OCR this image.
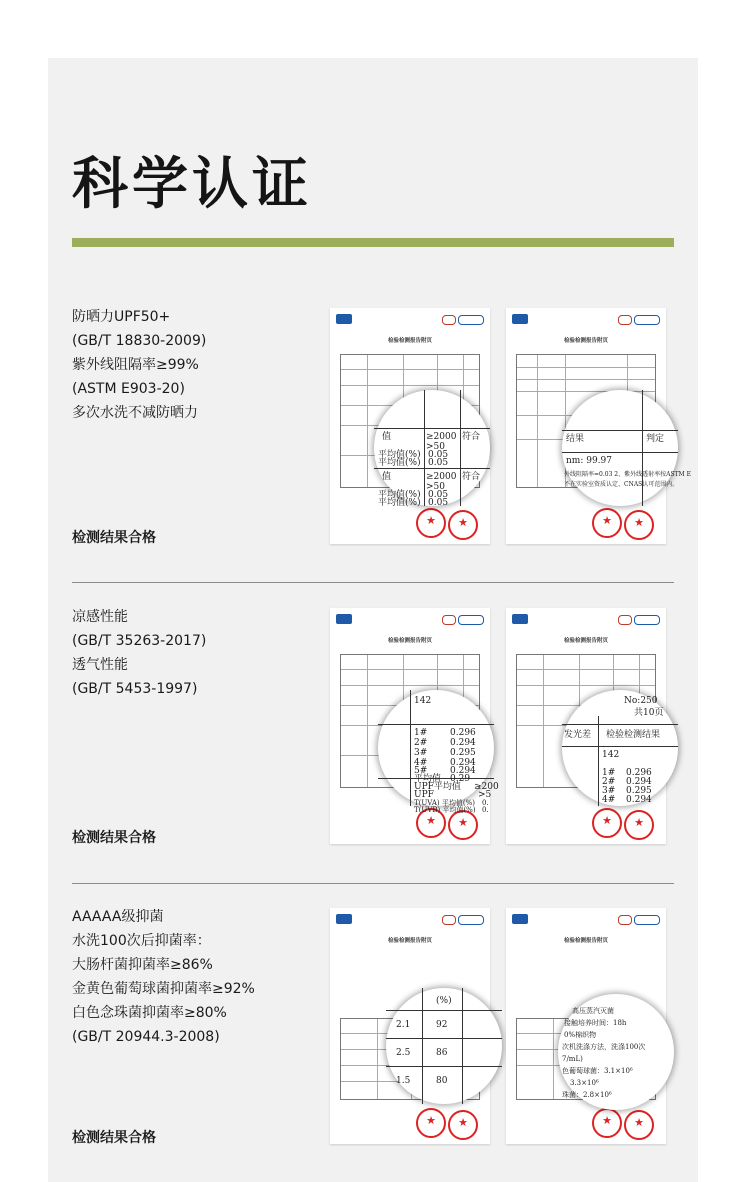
科学认证
防晒力UPF50+
(GB/T 18830-2009)
紫外线阻隔率≥99%
(ASTM E903-20)
多次水洗不减防晒力
检测结果合格
检验检测报告附页
★
★
值	≥2000 符合
>50
平均值(%) 0.05
平均值(%) 0.05
值	≥2000 符合
>50
平均值(%) 0.05
平均值(%) 0.05
检验检测报告附页
★
★
结果	判定
nm: 99.97
外线阻隔率=0.03 2、紫外线透射率按ASTM E
不在实验室资质认定、CNAS认可范围内。
凉感性能
(GB/T 35263-2017)
透气性能
(GB/T 5453-1997)
检测结果合格
检验检测报告附页
★
★
142
1#	0.296
2#	0.294
3#	0.295
4#	0.294
5#	0.294
平均值 0.29
UPF平均值 ≥200
UPF	>5
T(UVA) 平均值(%) 0.
T(UVB) 平均值(%) 0.
检验检测报告附页
★
★
No:250
共10页
发光差 检验检测结果
142
1# 0.296
2# 0.294
3# 0.295
4# 0.294
AAAAA级抑菌
水洗100次后抑菌率：
大肠杆菌抑菌率≥86%
金黄色葡萄球菌抑菌率≥92%
白色念珠菌抑菌率≥80%
(GB/T 20944.3-2008)
检测结果合格
检验检测报告附页
★
★
(%)
2.1	92
2.5	86
1.5	80
检验检测报告附页
★
★
高压蒸汽灭菌
接触培养时间：18h
0%棉织物
次机洗涤方法，洗涤100次
7/mL)
色葡萄球菌：3.1×10⁶
3.3×10⁶
珠菌：2.8×10⁶
